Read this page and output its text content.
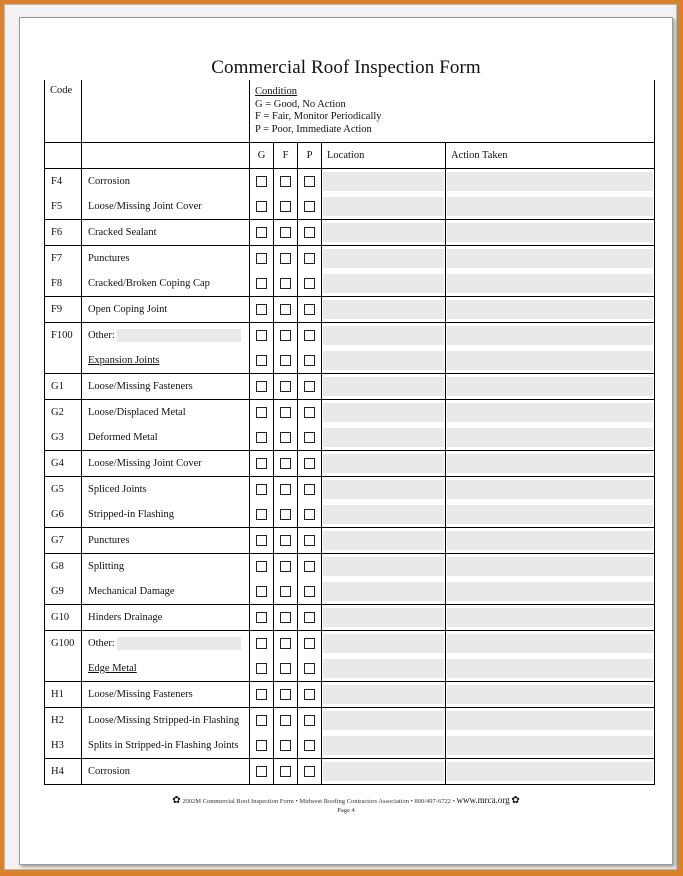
Commercial Roof Inspection Form
Code		Condition
G = Good, No Action
F = Fair, Monitor Periodically
P = Poor, Immediate Action				
		G	F	P	Location	Action Taken
F4	Corrosion				

F5	Loose/Missing Joint Cover				

F6	Cracked Sealant				

F7	Punctures				

F8	Cracked/Broken Coping Cap				

F9	Open Coping Joint				

F100	Other:				

	Expansion Joints				

G1	Loose/Missing Fasteners				

G2	Loose/Displaced Metal				

G3	Deformed Metal				

G4	Loose/Missing Joint Cover				

G5	Spliced Joints				

G6	Stripped-in Flashing				

G7	Punctures				

G8	Splitting				

G9	Mechanical Damage				

G10	Hinders Drainage				

G100	Other:				

	Edge Metal				

H1	Loose/Missing Fasteners				

H2	Loose/Missing Stripped-in Flashing				

H3	Splits in Stripped-in Flashing Joints				

H4	Corrosion				

✿ 2002M Commercial Roof Inspection Form • Midwest Roofing Contractors Association • 800/497-6722 • www.mrca.org ✿
Page 4
